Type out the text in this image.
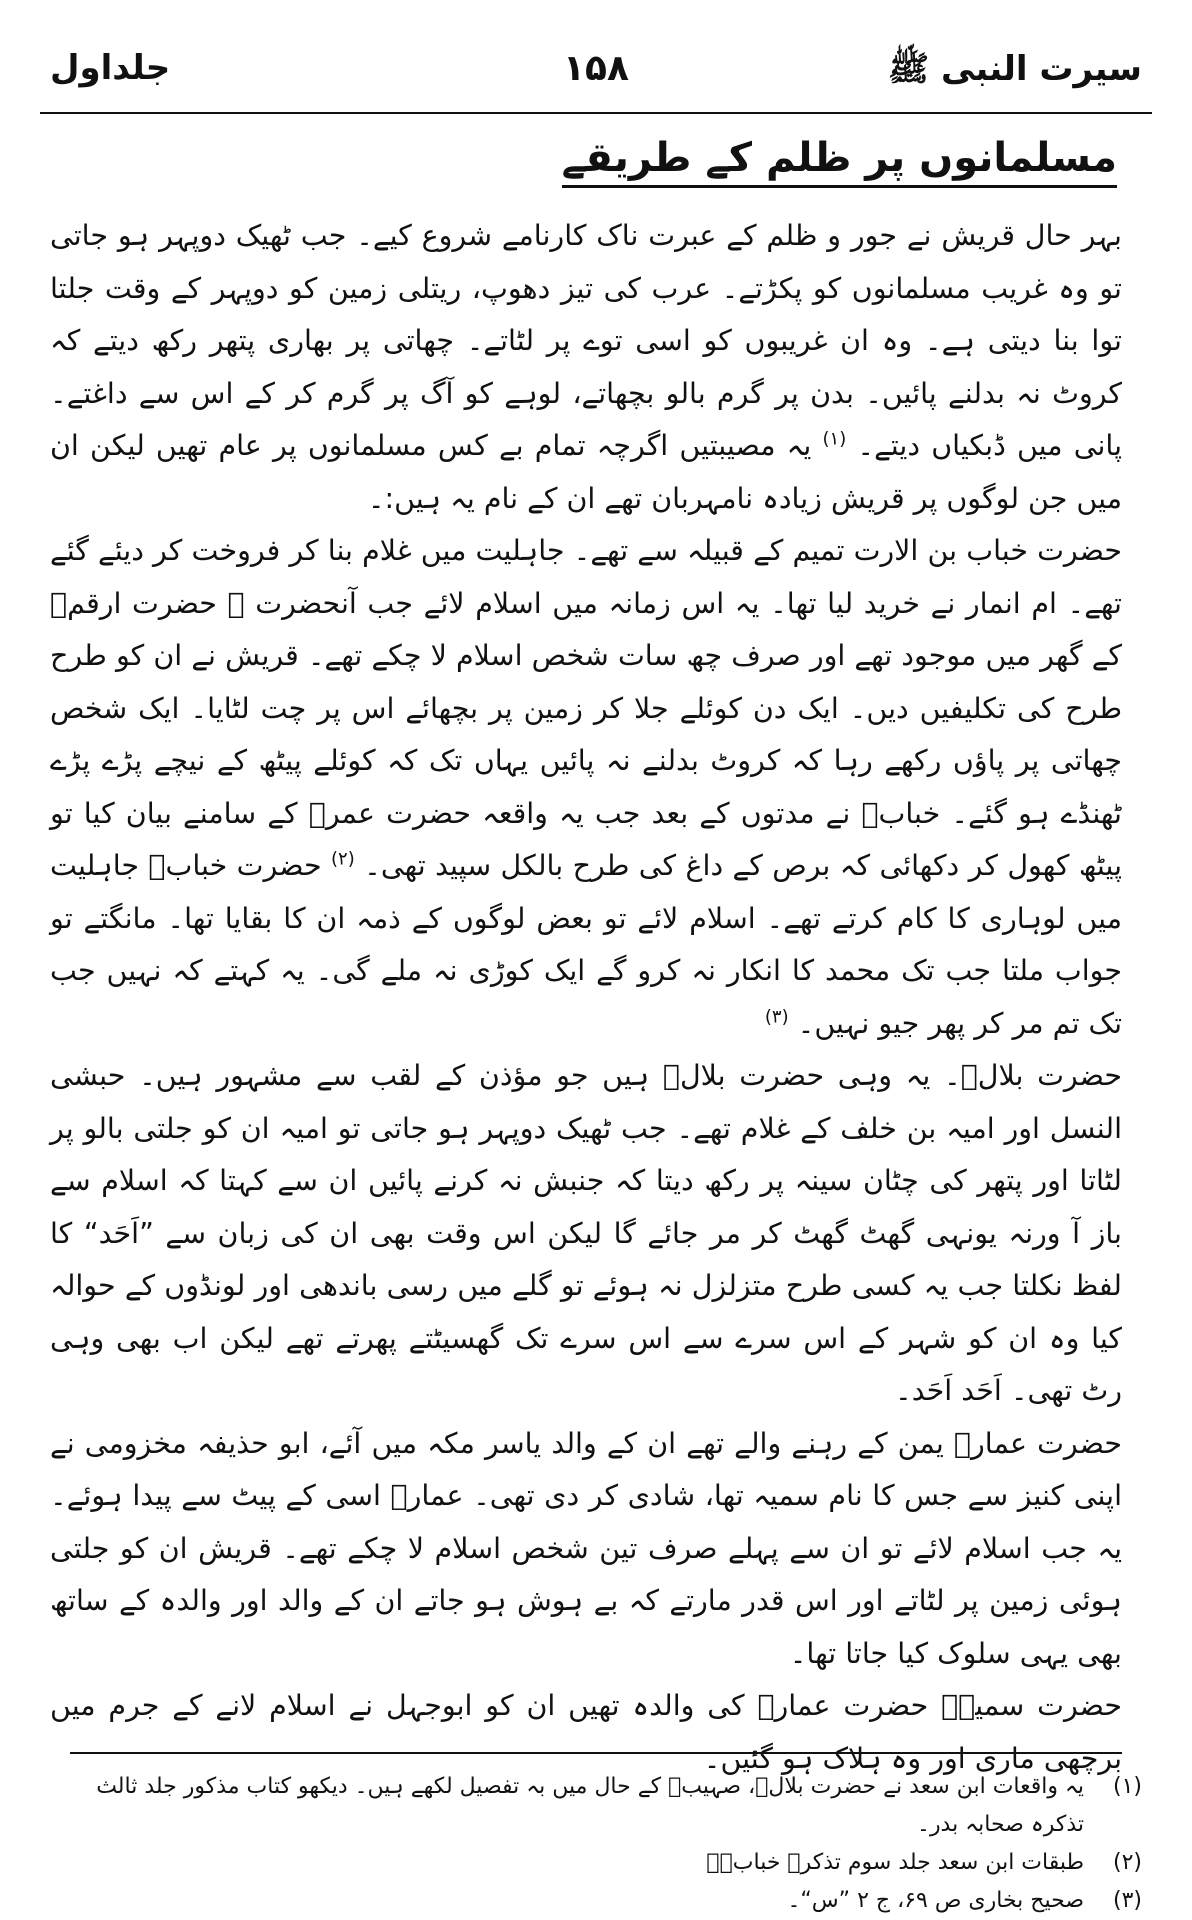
سیرت النبی ﷺ
۱۵۸
جلداول
مسلمانوں پر ظلم کے طریقے

بہر حال قریش نے جور و ظلم کے عبرت ناک کارنامے شروع کیے۔ جب ٹھیک دوپہر ہو جاتی تو وہ غریب مسلمانوں کو پکڑتے۔ عرب کی تیز دھوپ، ریتلی زمین کو دوپہر کے وقت جلتا توا بنا دیتی ہے۔ وہ ان غریبوں کو اسی توے پر لٹاتے۔ چھاتی پر بھاری پتھر رکھ دیتے کہ کروٹ نہ بدلنے پائیں۔ بدن پر گرم بالو بچھاتے، لوہے کو آگ پر گرم کر کے اس سے داغتے۔ پانی میں ڈبکیاں دیتے۔ $^{(۱)}$ یہ مصیبتیں اگرچہ تمام بے کس مسلمانوں پر عام تھیں لیکن ان میں جن لوگوں پر قریش زیادہ نامہربان تھے ان کے نام یہ ہیں:۔

حضرت خباب بن الارت تمیم کے قبیلہ سے تھے۔ جاہلیت میں غلام بنا کر فروخت کر دیئے گئے تھے۔ ام انمار نے خرید لیا تھا۔ یہ اس زمانہ میں اسلام لائے جب آنحضرت ﷺ حضرت ارقمؓ کے گھر میں موجود تھے اور صرف چھ سات شخص اسلام لا چکے تھے۔ قریش نے ان کو طرح طرح کی تکلیفیں دیں۔ ایک دن کوئلے جلا کر زمین پر بچھائے اس پر چت لٹایا۔ ایک شخص چھاتی پر پاؤں رکھے رہا کہ کروٹ بدلنے نہ پائیں یہاں تک کہ کوئلے پیٹھ کے نیچے پڑے پڑے ٹھنڈے ہو گئے۔ خبابؓ نے مدتوں کے بعد جب یہ واقعہ حضرت عمرؓ کے سامنے بیان کیا تو پیٹھ کھول کر دکھائی کہ برص کے داغ کی طرح بالکل سپید تھی۔ $^{(۲)}$ حضرت خبابؓ جاہلیت میں لوہاری کا کام کرتے تھے۔ اسلام لائے تو بعض لوگوں کے ذمہ ان کا بقایا تھا۔ مانگتے تو جواب ملتا جب تک محمد کا انکار نہ کرو گے ایک کوڑی نہ ملے گی۔ یہ کہتے کہ نہیں جب تک تم مر کر پھر جیو نہیں۔ $^{(۳)}$

حضرت بلالؓ۔ یہ وہی حضرت بلالؓ ہیں جو مؤذن کے لقب سے مشہور ہیں۔ حبشی النسل اور امیہ بن خلف کے غلام تھے۔ جب ٹھیک دوپہر ہو جاتی تو امیہ ان کو جلتی بالو پر لٹاتا اور پتھر کی چٹان سینہ پر رکھ دیتا کہ جنبش نہ کرنے پائیں ان سے کہتا کہ اسلام سے باز آ ورنہ یونہی گھٹ گھٹ کر مر جائے گا لیکن اس وقت بھی ان کی زبان سے ”اَحَد“ کا لفظ نکلتا جب یہ کسی طرح متزلزل نہ ہوئے تو گلے میں رسی باندھی اور لونڈوں کے حوالہ کیا وہ ان کو شہر کے اس سرے سے اس سرے تک گھسیٹتے پھرتے تھے لیکن اب بھی وہی رٹ تھی۔ اَحَد اَحَد۔

حضرت عمارؓ یمن کے رہنے والے تھے ان کے والد یاسر مکہ میں آئے، ابو حذیفہ مخزومی نے اپنی کنیز سے جس کا نام سمیہ تھا، شادی کر دی تھی۔ عمارؓ اسی کے پیٹ سے پیدا ہوئے۔ یہ جب اسلام لائے تو ان سے پہلے صرف تین شخص اسلام لا چکے تھے۔ قریش ان کو جلتی ہوئی زمین پر لٹاتے اور اس قدر مارتے کہ بے ہوش ہو جاتے ان کے والد اور والدہ کے ساتھ بھی یہی سلوک کیا جاتا تھا۔

حضرت سمیہؓ حضرت عمارؓ کی والدہ تھیں ان کو ابوجہل نے اسلام لانے کے جرم میں برچھی ماری اور وہ ہلاک ہو گئیں۔

(۱)
یہ واقعات ابن سعد نے حضرت بلالؓ، صہیبؓ کے حال میں بہ تفصیل لکھے ہیں۔ دیکھو کتاب مذکور جلد ثالث تذکرہ صحابہ بدر۔
(۲)
طبقات ابن سعد جلد سوم تذکرہ خبابؓ۔
(۳)
صحیح بخاری ص ۶۹، ج ۲ ”س“۔
